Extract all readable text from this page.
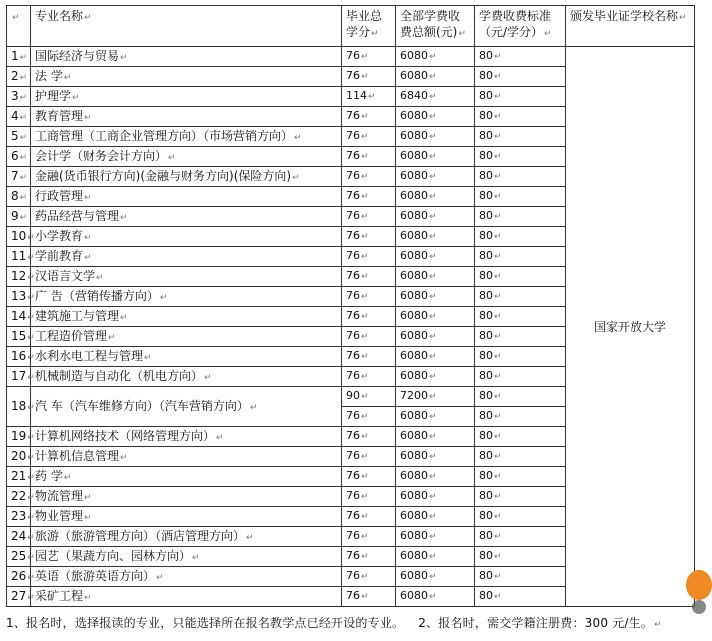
↵	专业名称↵	毕业总学分↵	全部学费收费总额(元)↵	学费收费标准（元/学分）↵	颁发毕业证学校名称↵
1↵	国际经济与贸易↵	76↵	6080↵	80↵	国家开放大学
2↵	法 学↵	76↵	6080↵	80↵	
3↵	护理学↵	114↵	6840↵	80↵	
4↵	教育管理↵	76↵	6080↵	80↵	
5↵	工商管理（工商企业管理方向）（市场营销方向）↵	76↵	6080↵	80↵	
6↵	会计学（财务会计方向）↵	76↵	6080↵	80↵	
7↵	金融(货币银行方向)(金融与财务方向)(保险方向)↵	76↵	6080↵	80↵	
8↵	行政管理↵	76↵	6080↵	80↵	
9↵	药品经营与管理↵	76↵	6080↵	80↵	
10↵	小学教育↵	76↵	6080↵	80↵	
11↵	学前教育↵	76↵	6080↵	80↵	
12↵	汉语言文学↵	76↵	6080↵	80↵	
13↵	广 告（营销传播方向）↵	76↵	6080↵	80↵	
14↵	建筑施工与管理↵	76↵	6080↵	80↵	
15↵	工程造价管理↵	76↵	6080↵	80↵	
16↵	水利水电工程与管理↵	76↵	6080↵	80↵	
17↵	机械制造与自动化（机电方向）↵	76↵	6080↵	80↵	
18↵	汽 车（汽车维修方向）（汽车营销方向）↵	90↵	7200↵	80↵	
		76↵	6080↵	80↵	
19↵	计算机网络技术（网络管理方向）↵	76↵	6080↵	80↵	
20↵	计算机信息管理↵	76↵	6080↵	80↵	
21↵	药 学↵	76↵	6080↵	80↵	
22↵	物流管理↵	76↵	6080↵	80↵	
23↵	物业管理↵	76↵	6080↵	80↵	
24↵	旅游（旅游管理方向）（酒店管理方向）↵	76↵	6080↵	80↵	
25↵	园艺（果蔬方向、园林方向）↵	76↵	6080↵	80↵	
26↵	英语（旅游英语方向）↵	76↵	6080↵	80↵	
27↵	采矿工程↵	76↵	6080↵	80↵	
1、报名时，选择报读的专业，只能选择所在报名教学点已经开设的专业。 2、报名时，需交学籍注册费：300 元/生。↵
